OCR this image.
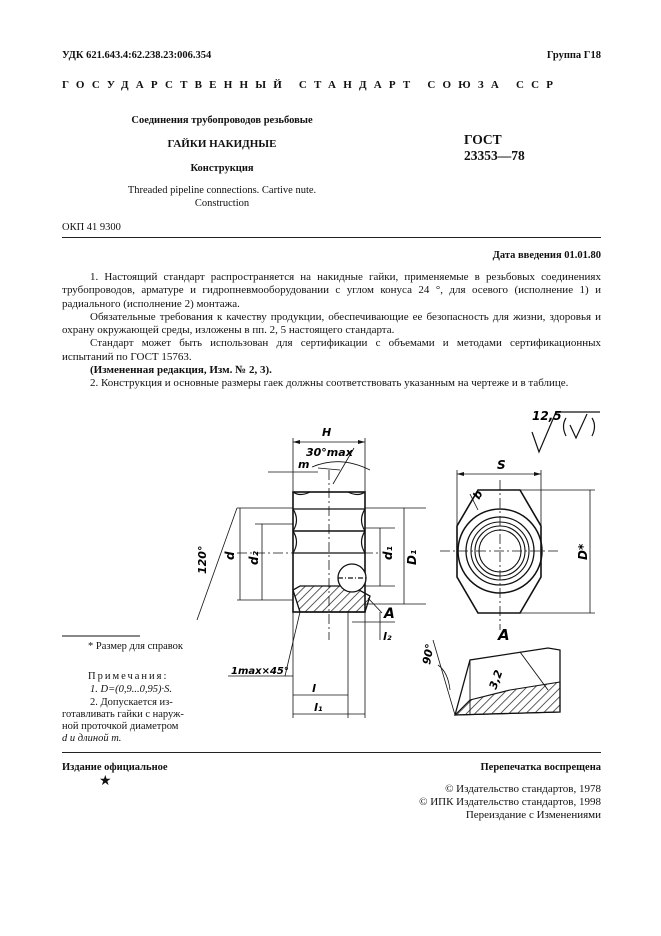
УДК 621.643.4:62.238.23:006.354	Группа Г18
ГОСУДАРСТВЕННЫЙ СТАНДАРТ СОЮЗА ССР
Соединения трубопроводов резьбовые
ГАЙКИ НАКИДНЫЕ
Конструкция
Threaded pipeline connections. Cartive nute.
Construction
ГОСТ
23353—78
ОКП 41 9300
Дата введения 01.01.80

1. Настоящий стандарт распространяется на накидные гайки, применяемые в резьбовых соединениях трубопроводов, арматуре и гидропневмооборудовании с углом конуса 24 °, для осевого (исполнение 1) и радиального (исполнение 2) монтажа.

Обязательные требования к качеству продукции, обеспечивающие ее безопасность для жизни, здоровья и охрану окружающей среды, изложены в пп. 2, 5 настоящего стандарта.

Стандарт может быть использован для сертификации с объемами и методами сертификационных испытаний по ГОСТ 15763.

(Измененная редакция, Изм. № 2, 3).

2. Конструкция и основные размеры гаек должны соответствовать указанным на чертеже и в таблице.

H
30°max
m
120° d d₂	d₁ D₁
A
l₂
1max×45°
l
l₁
S
b
D*
90°
A
3,2
12,5
√(√)
* Размер для справок
Примечания:
1. D=(0,9...0,95)·S.
2. Допускается из-
готавливать гайки с наруж-
ной проточкой диаметром
d и длиной m.
Издание официальное	Перепечатка воспрещена
★	© Издательство стандартов, 1978
© ИПК Издательство стандартов, 1998
Переиздание с Изменениями
